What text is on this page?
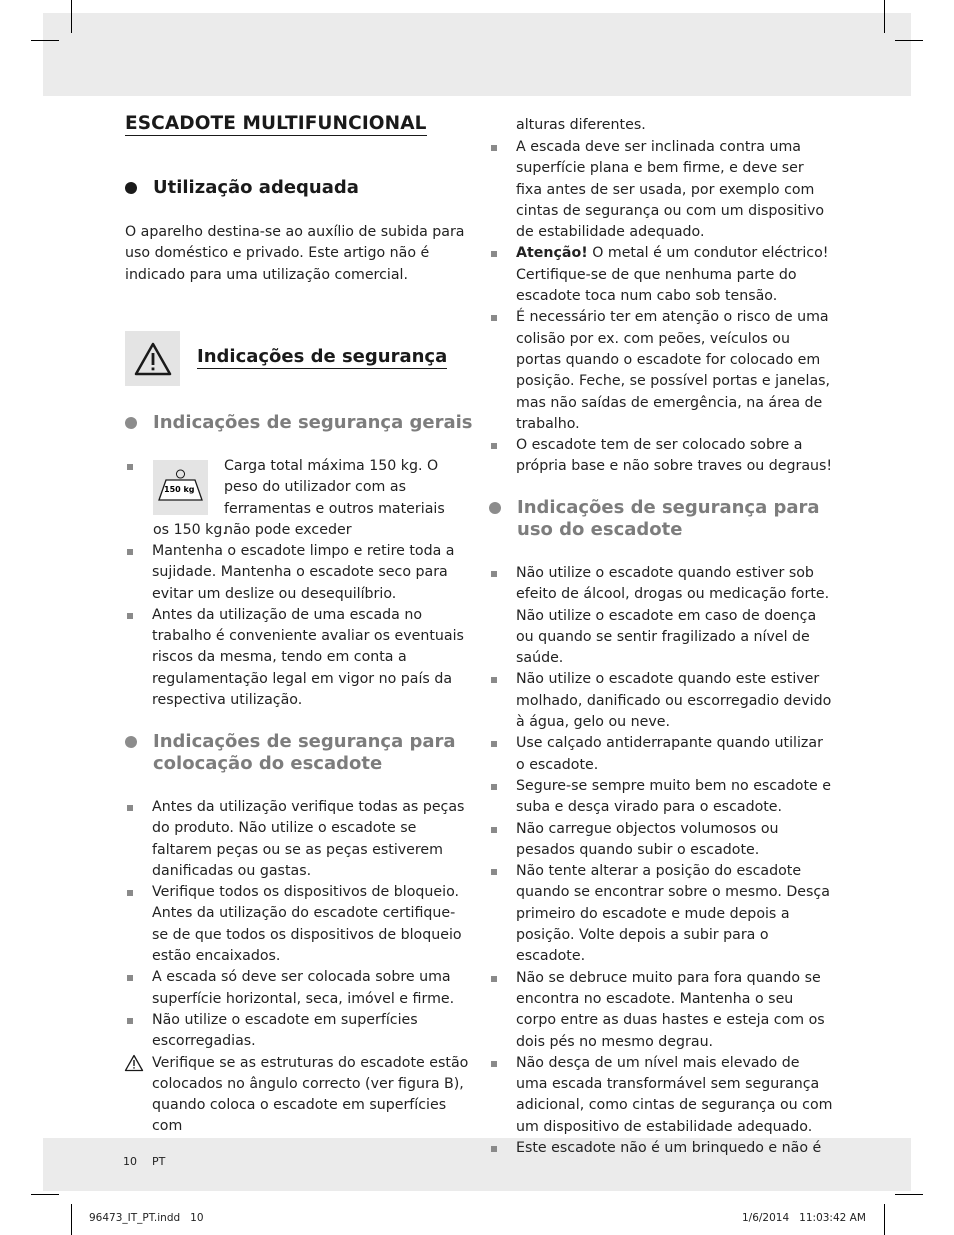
ESCADOTE MULTIFUNCIONAL
Utilização adequada

O aparelho destina-se ao auxílio de subida para uso doméstico e privado. Este artigo não é indicado para uma utilização comercial.

Indicações de segurança
Indicações de segurança gerais
150 kg
Carga total máxima 150 kg. O peso do utilizador com as ferramentas e outros materiais não pode exceder
os 150 kg.
Mantenha o escadote limpo e retire toda a sujidade. Mantenha o escadote seco para evitar um deslize ou desequilíbrio.
Antes da utilização de uma escada no trabalho é conveniente avaliar os eventuais riscos da mesma, tendo em conta a regulamentação legal em vigor no país da respectiva utilização.
Indicações de segurança para colocação do escadote
Antes da utilização verifique todas as peças do produto. Não utilize o escadote se faltarem peças ou se as peças estiverem danificadas ou gastas.
Verifique todos os dispositivos de bloqueio. Antes da utilização do escadote certifique-se de que todos os dispositivos de bloqueio estão encaixados.
A escada só deve ser colocada sobre uma superfície horizontal, seca, imóvel e firme.
Não utilize o escadote em superfícies escorregadias.
Verifique se as estruturas do escadote estão colocados no ângulo correcto (ver figura B), quando coloca o escadote em superfícies com
alturas diferentes.
A escada deve ser inclinada contra uma superfície plana e bem firme, e deve ser fixa antes de ser usada, por exemplo com cintas de segurança ou com um dispositivo de estabilidade adequado.
Atenção! O metal é um condutor eléctrico! Certifique-se de que nenhuma parte do escadote toca num cabo sob tensão.
É necessário ter em atenção o risco de uma colisão por ex. com peões, veículos ou portas quando o escadote for colocado em posição. Feche, se possível portas e janelas, mas não saídas de emergência, na área de trabalho.
O escadote tem de ser colocado sobre a própria base e não sobre traves ou degraus!
Indicações de segurança para uso do escadote
Não utilize o escadote quando estiver sob efeito de álcool, drogas ou medicação forte. Não utilize o escadote em caso de doença ou quando se sentir fragilizado a nível de saúde.
Não utilize o escadote quando este estiver molhado, danificado ou escorregadio devido à água, gelo ou neve.
Use calçado antiderrapante quando utilizar o escadote.
Segure-se sempre muito bem no escadote e suba e desça virado para o escadote.
Não carregue objectos volumosos ou pesados quando subir o escadote.
Não tente alterar a posição do escadote quando se encontrar sobre o mesmo. Desça primeiro do escadote e mude depois a posição. Volte depois a subir para o escadote.
Não se debruce muito para fora quando se encontra no escadote. Mantenha o seu corpo entre as duas hastes e esteja com os dois pés no mesmo degrau.
Não desça de um nível mais elevado de uma escada transformável sem segurança adicional, como cintas de segurança ou com um dispositivo de estabilidade adequado.
Este escadote não é um brinquedo e não é
10 PT
96473_IT_PT.indd   10	1/6/2014   11:03:42 AM
